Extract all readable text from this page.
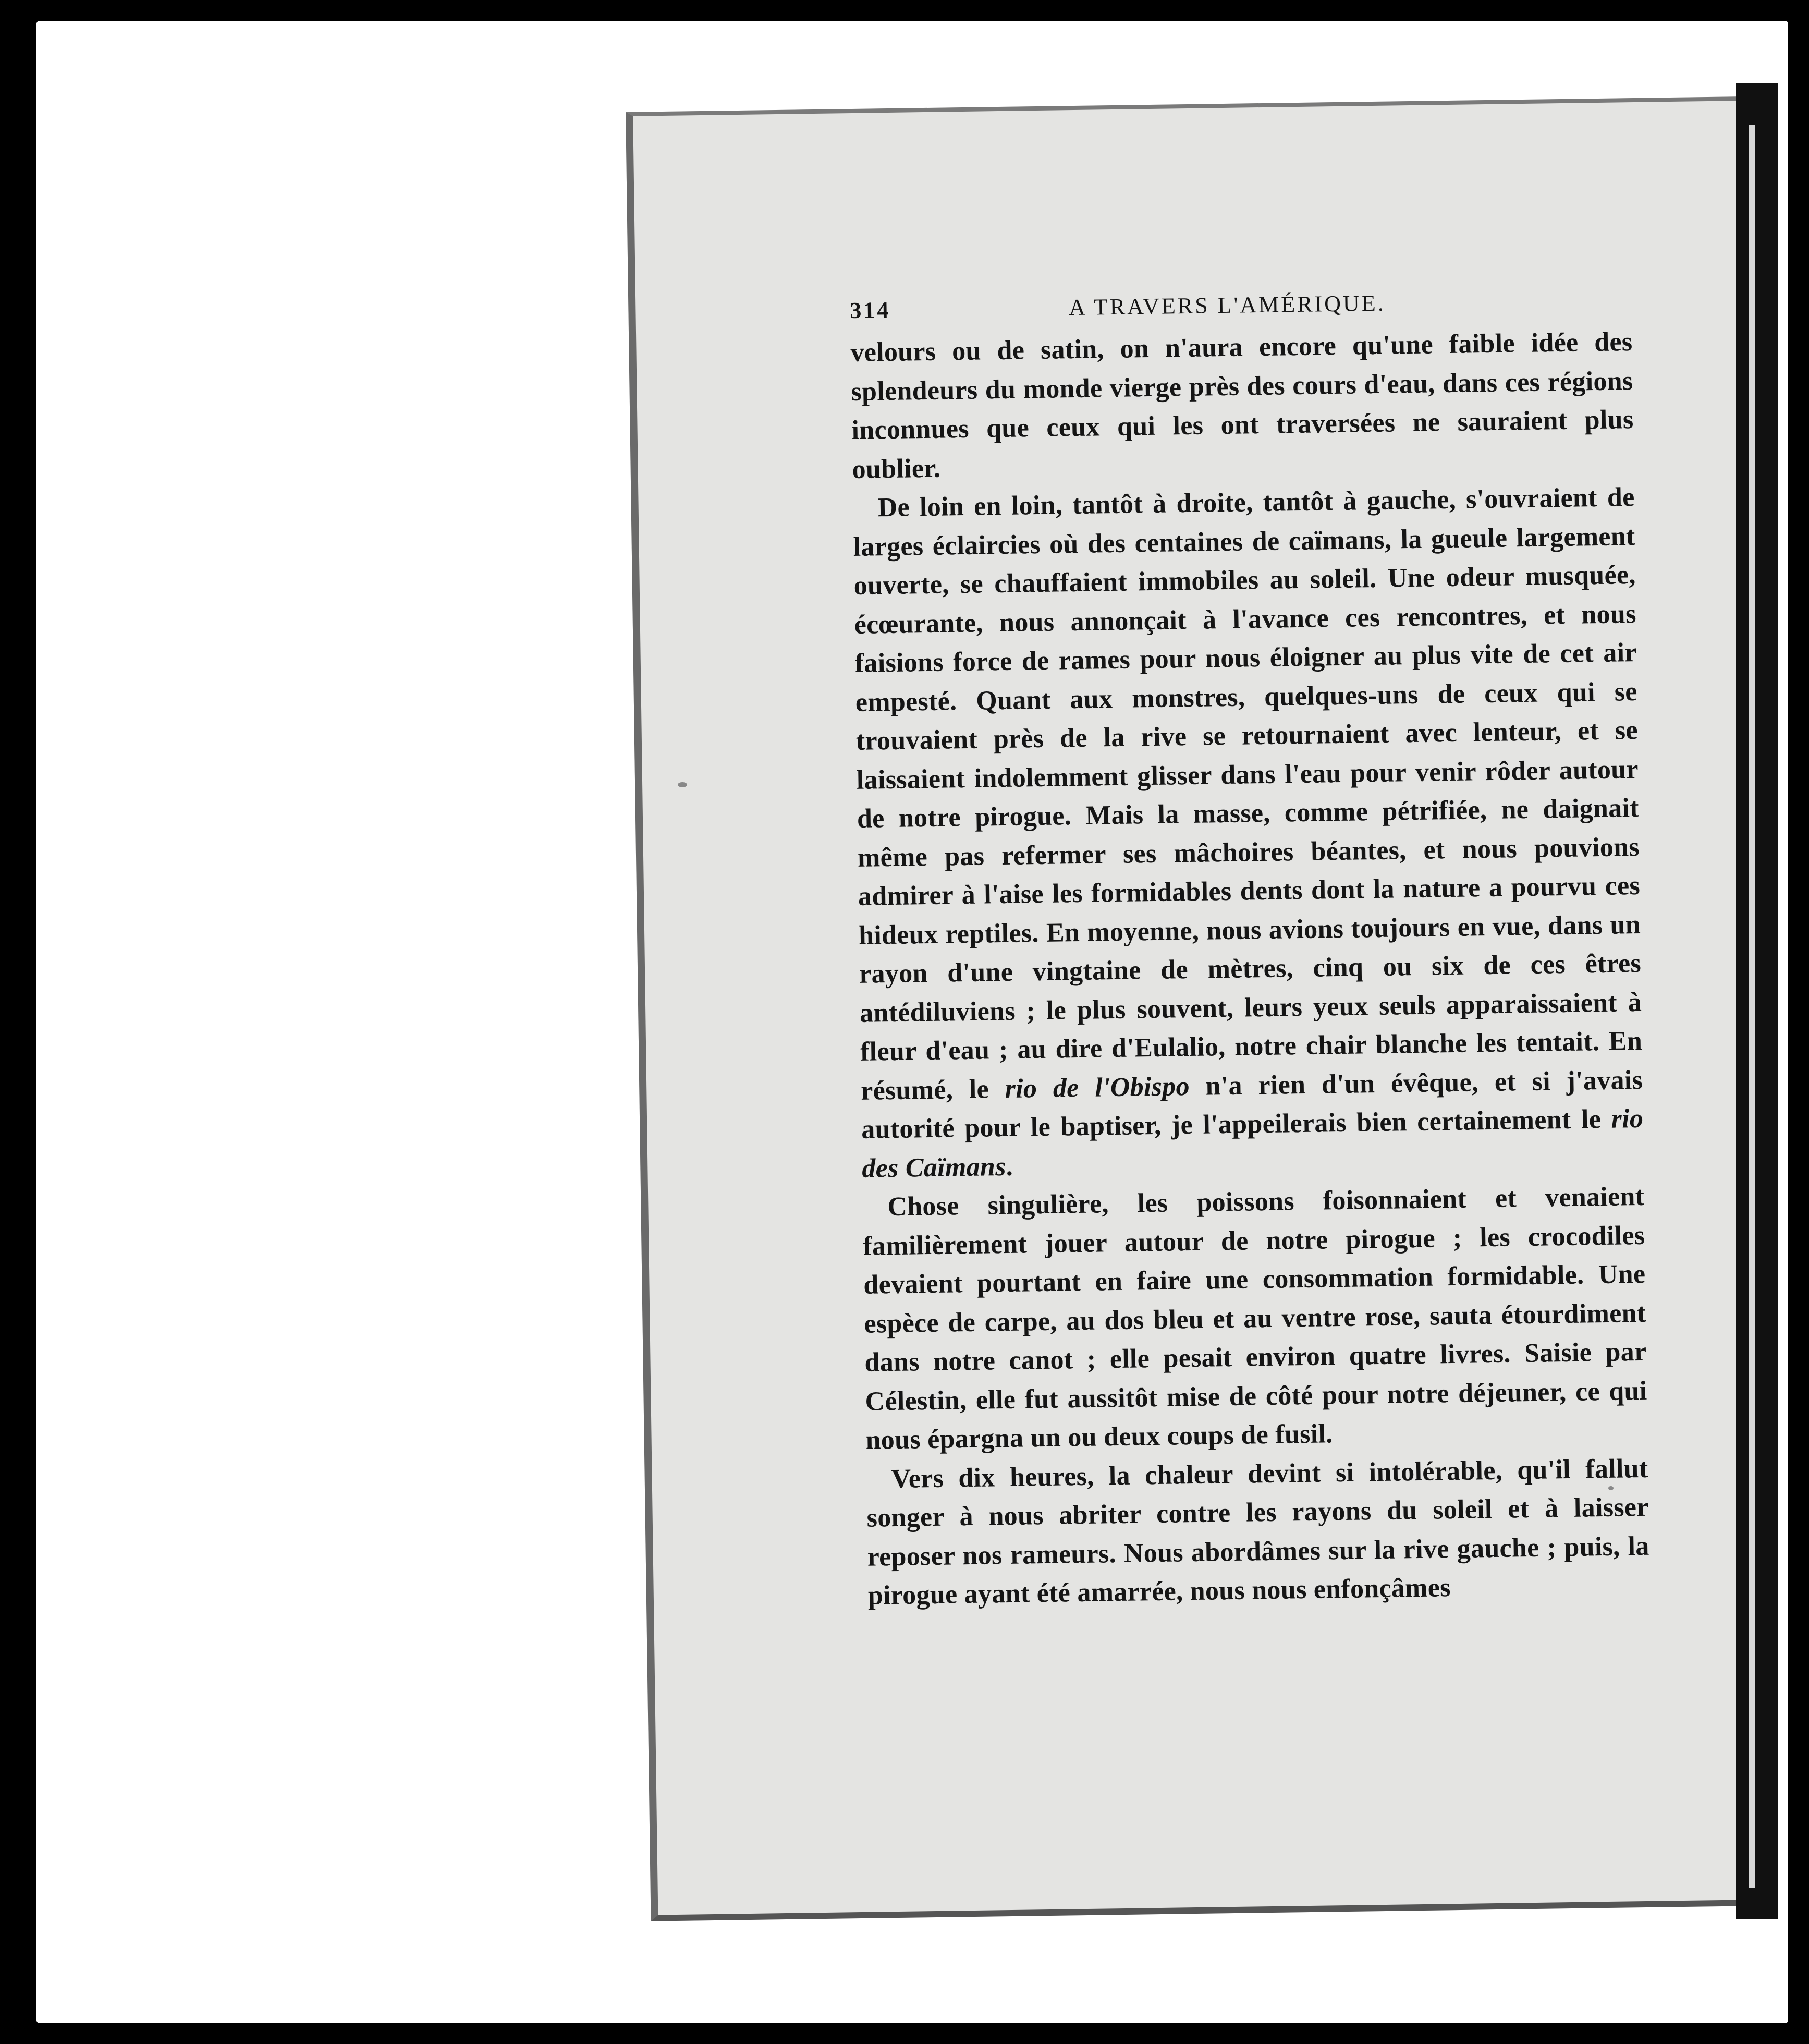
314	A TRAVERS L'AMÉRIQUE.

velours ou de satin, on n'aura encore qu'une faible idée des splendeurs du monde vierge près des cours d'eau, dans ces régions inconnues que ceux qui les ont traversées ne sauraient plus oublier.

De loin en loin, tantôt à droite, tantôt à gauche, s'ouvraient de larges éclaircies où des centaines de caïmans, la gueule largement ouverte, se chauffaient immobiles au soleil. Une odeur musquée, écœurante, nous annonçait à l'avance ces rencontres, et nous faisions force de rames pour nous éloigner au plus vite de cet air empesté. Quant aux monstres, quelques-uns de ceux qui se trouvaient près de la rive se retournaient avec lenteur, et se laissaient indolemment glisser dans l'eau pour venir rôder autour de notre pirogue. Mais la masse, comme pétrifiée, ne daignait même pas refermer ses mâchoires béantes, et nous pouvions admirer à l'aise les formidables dents dont la nature a pourvu ces hideux reptiles. En moyenne, nous avions toujours en vue, dans un rayon d'une vingtaine de mètres, cinq ou six de ces êtres antédiluviens ; le plus souvent, leurs yeux seuls apparaissaient à fleur d'eau ; au dire d'Eulalio, notre chair blanche les tentait. En résumé, le rio de l'Obispo n'a rien d'un évêque, et si j'avais autorité pour le baptiser, je l'appeilerais bien certainement le rio des Caïmans.

Chose singulière, les poissons foisonnaient et venaient familièrement jouer autour de notre pirogue ; les crocodiles devaient pourtant en faire une consommation formidable. Une espèce de carpe, au dos bleu et au ventre rose, sauta étourdiment dans notre canot ; elle pesait environ quatre livres. Saisie par Célestin, elle fut aussitôt mise de côté pour notre déjeuner, ce qui nous épargna un ou deux coups de fusil.

Vers dix heures, la chaleur devint si intolérable, qu'il fallut songer à nous abriter contre les rayons du soleil et à laisser reposer nos rameurs. Nous abordâmes sur la rive gauche ; puis, la pirogue ayant été amarrée, nous nous enfonçâmes
